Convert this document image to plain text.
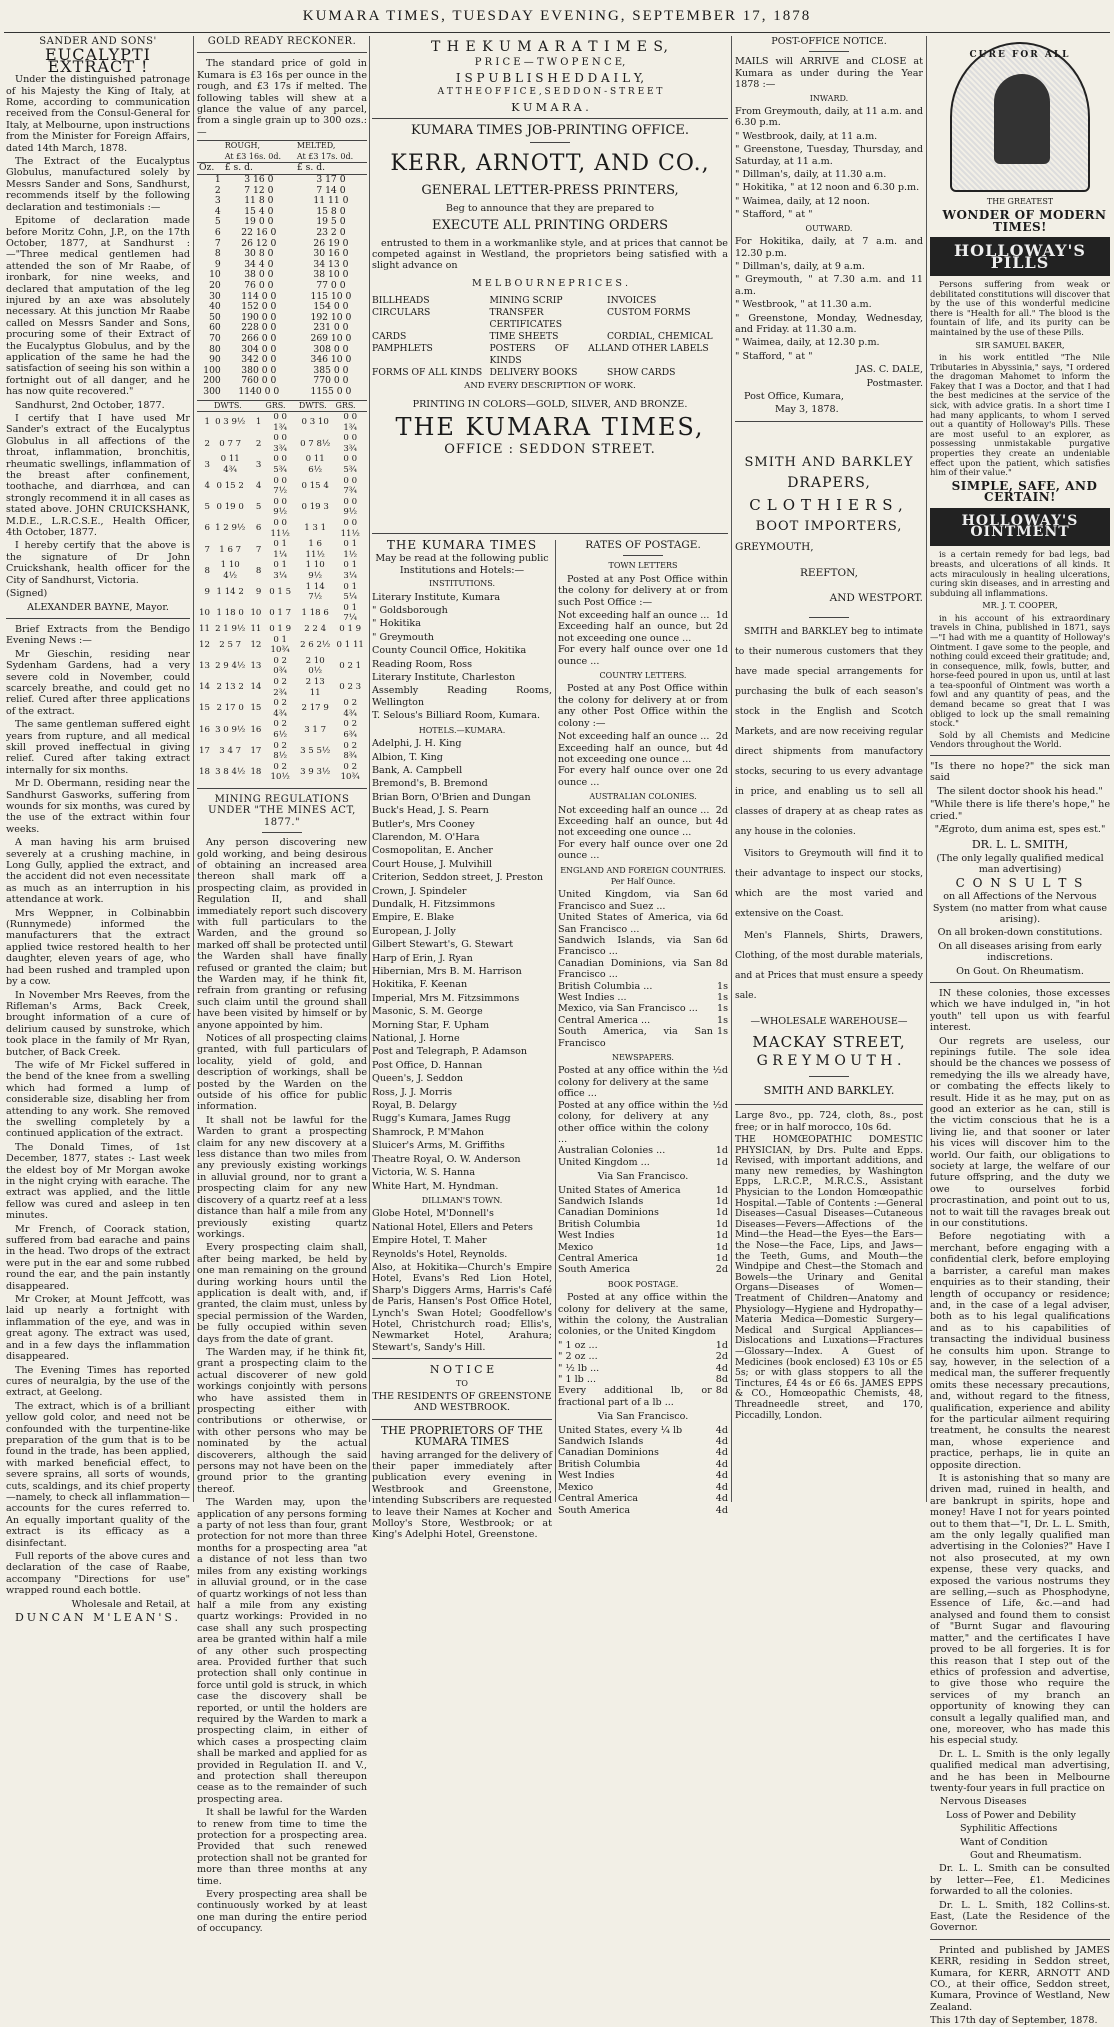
KUMARA TIMES, TUESDAY EVENING, SEPTEMBER 17, 1878

SANDER AND SONS'

EUCALYPTI EXTRACT !

Under the distinguished patronage of his Majesty the King of Italy, at Rome, according to communication received from the Consul-General for Italy, at Melbourne, upon instructions from the Minister for Foreign Affairs, dated 14th March, 1878.

The Extract of the Eucalyptus Globulus, manufactured solely by Messrs Sander and Sons, Sandhurst, recommends itself by the following declaration and testimonials :—

Epitome of declaration made before Moritz Cohn, J.P., on the 17th October, 1877, at Sandhurst :—"Three medical gentlemen had attended the son of Mr Raabe, of ironbark, for nine weeks, and declared that amputation of the leg injured by an axe was absolutely necessary. At this junction Mr Raabe called on Messrs Sander and Sons, procuring some of their Extract of the Eucalyptus Globulus, and by the application of the same he had the satisfaction of seeing his son within a fortnight out of all danger, and he has now quite recovered."

Sandhurst, 2nd October, 1877.

I certify that I have used Mr Sander's extract of the Eucalyptus Globulus in all affections of the throat, inflammation, bronchitis, rheumatic swellings, inflammation of the breast after confinement, toothache, and diarrhœa, and can strongly recommend it in all cases as stated above. JOHN CRUICKSHANK, M.D.E., L.R.C.S.E., Health Officer, 4th October, 1877.

I hereby certify that the above is the signature of Dr John Cruickshank, health officer for the City of Sandhurst, Victoria.

(Signed)

ALEXANDER BAYNE, Mayor.

Brief Extracts from the Bendigo Evening News :—

Mr Gieschin, residing near Sydenham Gardens, had a very severe cold in November, could scarcely breathe, and could get no relief. Cured after three applications of the extract.

The same gentleman suffered eight years from rupture, and all medical skill proved ineffectual in giving relief. Cured after taking extract internally for six months.

Mr D. Obermann, residing near the Sandhurst Gasworks, suffering from wounds for six months, was cured by the use of the extract within four weeks.

A man having his arm bruised severely at a crushing machine, in Long Gully, applied the extract, and the accident did not even necessitate as much as an interruption in his attendance at work.

Mrs Weppner, in Colbinabbin (Runnymede) informed the manufacturers that the extract applied twice restored health to her daughter, eleven years of age, who had been rushed and trampled upon by a cow.

In November Mrs Reeves, from the Rifleman's Arms, Back Creek, brought information of a cure of delirium caused by sunstroke, which took place in the family of Mr Ryan, butcher, of Back Creek.

The wife of Mr Fickel suffered in the bend of the knee from a swelling which had formed a lump of considerable size, disabling her from attending to any work. She removed the swelling completely by a continued application of the extract.

The Donald Times, of 1st December, 1877, states :- Last week the eldest boy of Mr Morgan awoke in the night crying with earache. The extract was applied, and the little fellow was cured and asleep in ten minutes.

Mr French, of Coorack station, suffered from bad earache and pains in the head. Two drops of the extract were put in the ear and some rubbed round the ear, and the pain instantly disappeared.

Mr Croker, at Mount Jeffcott, was laid up nearly a fortnight with inflammation of the eye, and was in great agony. The extract was used, and in a few days the inflammation disappeared.

The Evening Times has reported cures of neuralgia, by the use of the extract, at Geelong.

The extract, which is of a brilliant yellow gold color, and need not be confounded with the turpentine-like preparation of the gum that is to be found in the trade, has been applied, with marked beneficial effect, to severe sprains, all sorts of wounds, cuts, scaldings, and its chief property—namely, to check all inflammation—accounts for the cures referred to. An equally important quality of the extract is its efficacy as a disinfectant.

Full reports of the above cures and declaration of the case of Raabe, accompany "Directions for use" wrapped round each bottle.

Wholesale and Retail, at

DUNCAN M'LEAN'S.

GOLD READY RECKONER.

The standard price of gold in Kumara is £3 16s per ounce in the rough, and £3 17s if melted. The following tables will shew at a glance the value of any parcel, from a single grain up to 300 ozs.:—

	ROUGH,
At £3 16s. 0d.	MELTED,
At £3 17s. 0d.
Oz.	£ s. d.	£ s. d.
1	3 16 0	3 17 0
2	7 12 0	7 14 0
3	11 8 0	11 11 0
4	15 4 0	15 8 0
5	19 0 0	19 5 0
6	22 16 0	23 2 0
7	26 12 0	26 19 0
8	30 8 0	30 16 0
9	34 4 0	34 13 0
10	38 0 0	38 10 0
20	76 0 0	77 0 0
30	114 0 0	115 10 0
40	152 0 0	154 0 0
50	190 0 0	192 10 0
60	228 0 0	231 0 0
70	266 0 0	269 10 0
80	304 0 0	308 0 0
90	342 0 0	346 10 0
100	380 0 0	385 0 0
200	760 0 0	770 0 0
300	1140 0 0	1155 0 0
	DWTS.		GRS.	DWTS.	GRS.
1	0 3 9½	1	0 0 1¾	0 3 10	0 0 1¾
2	0 7 7	2	0 0 3¾	0 7 8½	0 0 3¾
3	0 11 4¾	3	0 0 5¾	0 11 6½	0 0 5¾
4	0 15 2	4	0 0 7½	0 15 4	0 0 7¾
5	0 19 0	5	0 0 9½	0 19 3	0 0 9½
6	1 2 9½	6	0 0 11½	1 3 1	0 0 11½
7	1 6 7	7	0 1 1¼	1 6 11½	0 1 1½
8	1 10 4½	8	0 1 3¼	1 10 9½	0 1 3¼
9	1 14 2	9	0 1 5	1 14 7½	0 1 5¼
10	1 18 0	10	0 1 7	1 18 6	0 1 7¼
11	2 1 9½	11	0 1 9	2 2 4	0 1 9
12	2 5 7	12	0 1 10¾	2 6 2½	0 1 11
13	2 9 4½	13	0 2 0¾	2 10 0½	0 2 1
14	2 13 2	14	0 2 2¾	2 13 11	0 2 3
15	2 17 0	15	0 2 4¾	2 17 9	0 2 4¾
16	3 0 9½	16	0 2 6½	3 1 7	0 2 6¾
17	3 4 7	17	0 2 8½	3 5 5½	0 2 8¾
18	3 8 4½	18	0 2 10½	3 9 3½	0 2 10¾

MINING REGULATIONS UNDER "THE MINES ACT, 1877."

Any person discovering new gold working, and being desirous of obtaining an increased area thereon shall mark off a prospecting claim, as provided in Regulation II, and shall immediately report such discovery with full particulars to the Warden, and the ground so marked off shall be protected until the Warden shall have finally refused or granted the claim; but the Warden may, if he think fit, refrain from granting or refusing such claim until the ground shall have been visited by himself or by anyone appointed by him.

Notices of all prospecting claims granted, with full particulars of locality, yield of gold, and description of workings, shall be posted by the Warden on the outside of his office for public information.

It shall not be lawful for the Warden to grant a prospecting claim for any new discovery at a less distance than two miles from any previously existing workings in alluvial ground, nor to grant a prospecting claim for any new discovery of a quartz reef at a less distance than half a mile from any previously existing quartz workings.

Every prospecting claim shall, after being marked, be held by one man remaining on the ground during working hours until the application is dealt with, and, if granted, the claim must, unless by special permission of the Warden, be fully occupied within seven days from the date of grant.

The Warden may, if he think fit, grant a prospecting claim to the actual discoverer of new gold workings conjointly with persons who have assisted them in prospecting either with contributions or otherwise, or with other persons who may be nominated by the actual discoverers, although the said persons may not have been on the ground prior to the granting thereof.

The Warden may, upon the application of any persons forming a party of not less than four, grant protection for not more than three months for a prospecting area "at a distance of not less than two miles from any existing workings in alluvial ground, or in the case of quartz workings of not less than half a mile from any existing quartz workings: Provided in no case shall any such prospecting area be granted within half a mile of any other such prospecting area. Provided further that such protection shall only continue in force until gold is struck, in which case the discovery shall be reported, or until the holders are required by the Warden to mark a prospecting claim, in either of which cases a prospecting claim shall be marked and applied for as provided in Regulation II. and V., and protection shall thereupon cease as to the remainder of such prospecting area.

It shall be lawful for the Warden to renew from time to time the protection for a prospecting area. Provided that such renewed protection shall not be granted for more than three months at any time.

Every prospecting area shall be continuously worked by at least one man during the entire period of occupancy.

T H E K U M A R A T I M E S,

P R I C E — T W O P E N C E,

I S P U B L I S H E D D A I L Y,

A T T H E O F F I C E , S E D D O N - S T R E E T

K U M A R A .

KUMARA TIMES JOB-PRINTING OFFICE.

KERR, ARNOTT, AND CO.,

GENERAL LETTER-PRESS PRINTERS,

Beg to announce that they are prepared to

EXECUTE ALL PRINTING ORDERS

entrusted to them in a workmanlike style, and at prices that cannot be competed against in Westland, the proprietors being satisfied with a slight advance on

M E L B O U R N E P R I C E S .

BILLHEADS	MINING SCRIP	INVOICES
CIRCULARS	TRANSFER CERTIFICATES
CUSTOM FORMS
CARDS	TIME SHEETS	CORDIAL, CHEMICAL
PAMPHLETS	POSTERS OF ALL KINDS
AND OTHER LABELS
FORMS OF ALL KINDS DELIVERY BOOKS	SHOW CARDS

AND EVERY DESCRIPTION OF WORK.

PRINTING IN COLORS—GOLD, SILVER, AND BRONZE.

THE KUMARA TIMES,

OFFICE : SEDDON STREET.

THE KUMARA TIMES

May be read at the following public Institutions and Hotels:—

INSTITUTIONS.

Literary Institute, Kumara

" Goldsborough

" Hokitika

" Greymouth

County Council Office, Hokitika

Reading Room, Ross

Literary Institute, Charleston

Assembly Reading Rooms, Wellington

T. Selous's Billiard Room, Kumara.

HOTELS.—KUMARA.

Adelphi, J. H. King

Albion, T. King

Bank, A. Campbell

Bremond's, B. Bremond

Brian Born, O'Brien and Dungan

Buck's Head, J. S. Pearn

Butler's, Mrs Cooney

Clarendon, M. O'Hara

Cosmopolitan, E. Ancher

Court House, J. Mulvihill

Criterion, Seddon street, J. Preston

Crown, J. Spindeler

Dundalk, H. Fitzsimmons

Empire, E. Blake

European, J. Jolly

Gilbert Stewart's, G. Stewart

Harp of Erin, J. Ryan

Hibernian, Mrs B. M. Harrison

Hokitika, F. Keenan

Imperial, Mrs M. Fitzsimmons

Masonic, S. M. George

Morning Star, F. Upham

National, J. Horne

Post and Telegraph, P. Adamson

Post Office, D. Hannan

Queen's, J. Seddon

Ross, J. J. Morris

Royal, B. Delargy

Rugg's Kumara, James Rugg

Shamrock, P. M'Mahon

Sluicer's Arms, M. Griffiths

Theatre Royal, O. W. Anderson

Victoria, W. S. Hanna

White Hart, M. Hyndman.

DILLMAN'S TOWN.

Globe Hotel, M'Donnell's

National Hotel, Ellers and Peters

Empire Hotel, T. Maher

Reynolds's Hotel, Reynolds.

Also, at Hokitika—Church's Empire Hotel, Evans's Red Lion Hotel, Sharp's Diggers Arms, Harris's Café de Paris, Hansen's Post Office Hotel, Lynch's Swan Hotel; Goodfellow's Hotel, Christchurch road; Ellis's, Newmarket Hotel, Arahura; Stewart's, Sandy's Hill.

N O T I C E

TO

THE RESIDENTS OF GREENSTONE AND WESTBROOK.

THE PROPRIETORS OF THE KUMARA TIMES

having arranged for the delivery of their paper immediately after publication every evening in Westbrook and Greenstone, intending Subscribers are requested to leave their Names at Kocher and Molloy's Store, Westbrook; or at King's Adelphi Hotel, Greenstone.

RATES OF POSTAGE.

TOWN LETTERS

Posted at any Post Office within the colony for delivery at or from such Post Office :—

Not exceeding half an ounce ... 1d
Exceeding half an ounce, but not exceeding one ounce ...
2d
For every half ounce over one ounce ...
1d

COUNTRY LETTERS.

Posted at any Post Office within the colony for delivery at or from any other Post Office within the colony :—

Not exceeding half an ounce ... 2d
Exceeding half an ounce, but not exceeding one ounce ...
4d
For every half ounce over one ounce ...
2d

AUSTRALIAN COLONIES.

Not exceeding half an ounce ... 2d
Exceeding half an ounce, but not exceeding one ounce ...
4d
For every half ounce over one ounce ...
2d

ENGLAND AND FOREIGN COUNTRIES. Per Half Ounce.

United Kingdom, via San Francisco and Suez ...
6d
United States of America, via San Francisco ...
6d
Sandwich Islands, via San Francisco ...
6d
Canadian Dominions, via San Francisco ...
8d
British Columbia ...	1s
West Indies ...	1s
Mexico, via San Francisco ...	1s
Central America ...	1s
South America, via San Francisco
1s

NEWSPAPERS.

Posted at any office within the colony for delivery at the same office ...
½d
Posted at any office within the colony, for delivery at any other office within the colony ...
½d
Australian Colonies ...	1d
United Kingdom ...	1d

Via San Francisco.

United States of America	1d
Sandwich Islands	1d
Canadian Dominions	1d
British Columbia	1d
West Indies	1d
Mexico	1d
Central America	1d
South America	2d

BOOK POSTAGE.

Posted at any office within the colony for delivery at the same, within the colony, the Australian colonies, or the United Kingdom

" 1 oz ...	1d
" 2 oz ...	2d
" ½ lb ...	4d
" 1 lb ...	8d
Every additional lb, or fractional part of a lb ...
8d

Via San Francisco.

United States, every ¼ lb	4d
Sandwich Islands	4d
Canadian Dominions	4d
British Columbia	4d
West Indies	4d
Mexico	4d
Central America	4d
South America	4d

POST-OFFICE NOTICE.

MAILS will ARRIVE and CLOSE at Kumara as under during the Year 1878 :—

INWARD.

From Greymouth, daily, at 11 a.m. and 6.30 p.m.

" Westbrook, daily, at 11 a.m.

" Greenstone, Tuesday, Thursday, and Saturday, at 11 a.m.

" Dillman's, daily, at 11.30 a.m.

" Hokitika, " at 12 noon and 6.30 p.m.

" Waimea, daily, at 12 noon.

" Stafford, " at "

OUTWARD.

For Hokitika, daily, at 7 a.m. and 12.30 p.m.

" Dillman's, daily, at 9 a.m.

" Greymouth, " at 7.30 a.m. and 11 a.m.

" Westbrook, " at 11.30 a.m.

" Greenstone, Monday, Wednesday, and Friday. at 11.30 a.m.

" Waimea, daily, at 12.30 p.m.

" Stafford, " at "

JAS. C. DALE,

Postmaster.

Post Office, Kumara,

May 3, 1878.

SMITH AND BARKLEY

DRAPERS,

CLOTHIERS,

BOOT IMPORTERS,

GREYMOUTH,

REEFTON,

AND WESTPORT.

SMITH and BARKLEY beg to intimate to their numerous customers that they have made special arrangements for purchasing the bulk of each season's stock in the English and Scotch Markets, and are now receiving regular direct shipments from manufactory stocks, securing to us every advantage in price, and enabling us to sell all classes of drapery at as cheap rates as any house in the colonies.

Visitors to Greymouth will find it to their advantage to inspect our stocks, which are the most varied and extensive on the Coast.

Men's Flannels, Shirts, Drawers, Clothing, of the most durable materials, and at Prices that must ensure a speedy sale.

—WHOLESALE WAREHOUSE—

MACKAY STREET,

G R E Y M O U T H .

SMITH AND BARKLEY.

Large 8vo., pp. 724, cloth, 8s., post free; or in half morocco, 10s 6d.

THE HOMŒOPATHIC DOMESTIC PHYSICIAN, by Drs. Pulte and Epps. Revised, with important additions, and many new remedies, by Washington Epps, L.R.C.P., M.R.C.S., Assistant Physician to the London Homœopathic Hospital.—Table of Contents :—General Diseases—Casual Diseases—Cutaneous Diseases—Fevers—Affections of the Mind—the Head—the Eyes—the Ears—the Nose—the Face, Lips, and Jaws—the Teeth, Gums, and Mouth—the Windpipe and Chest—the Stomach and Bowels—the Urinary and Genital Organs—Diseases of Women—Treatment of Children—Anatomy and Physiology—Hygiene and Hydropathy—Materia Medica—Domestic Surgery—Medical and Surgical Appliances—Dislocations and Luxations—Fractures—Glossary—Index. A Guest of Medicines (book enclosed) £3 10s or £5 5s; or with glass stoppers to all the Tinctures, £4 4s or £6 6s. JAMES EPPS & CO., Homœopathic Chemists, 48, Threadneedle street, and 170, Piccadilly, London.

CURE FOR ALL

THE GREATEST

WONDER OF MODERN TIMES!

HOLLOWAY'S PILLS

Persons suffering from weak or debilitated constitutions will discover that by the use of this wonderful medicine there is "Health for all." The blood is the fountain of life, and its purity can be maintained by the use of these Pills.

SIR SAMUEL BAKER,

in his work entitled "The Nile Tributaries in Abyssinia," says, "I ordered the dragoman Mahomet to inform the Fakey that I was a Doctor, and that I had the best medicines at the service of the sick, with advice gratis. In a short time I had many applicants, to whom I served out a quantity of Holloway's Pills. These are most useful to an explorer, as possessing unmistakable purgative properties they create an undeniable effect upon the patient, which satisfies him of their value."

SIMPLE, SAFE, AND CERTAIN!

HOLLOWAY'S OINTMENT

is a certain remedy for bad legs, bad breasts, and ulcerations of all kinds. It acts miraculously in healing ulcerations, curing skin diseases, and in arresting and subduing all inflammations.

MR. J. T. COOPER,

in his account of his extraordinary travels in China, published in 1871, says—"I had with me a quantity of Holloway's Ointment. I gave some to the people, and nothing could exceed their gratitude; and, in consequence, milk, fowls, butter, and horse-feed poured in upon us, until at last a tea-spoonful of Ointment was worth a fowl and any quantity of peas, and the demand became so great that I was obliged to lock up the small remaining stock."

Sold by all Chemists and Medicine Vendors throughout the World.

"Is there no hope?" the sick man said

The silent doctor shook his head."

"While there is life there's hope," he cried."

"Ægroto, dum anima est, spes est."

DR. L. L. SMITH,

(The only legally qualified medical man advertising)

C O N S U L T S

on all Affections of the Nervous System (no matter from what cause arising).

On all broken-down constitutions.

On all diseases arising from early indiscretions.

On Gout. On Rheumatism.

IN these colonies, those excesses which we have indulged in, "in hot youth" tell upon us with fearful interest.

Our regrets are useless, our repinings futile. The sole idea should be the chances we possess of remedying the ills we already have, or combating the effects likely to result. Hide it as he may, put on as good an exterior as he can, still is the victim conscious that he is a living lie, and that sooner or later his vices will discover him to the world. Our faith, our obligations to society at large, the welfare of our future offspring, and the duty we owe to ourselves forbid procrastination, and point out to us, not to wait till the ravages break out in our constitutions.

Before negotiating with a merchant, before engaging with a confidential clerk, before employing a barrister, a careful man makes enquiries as to their standing, their length of occupancy or residence; and, in the case of a legal adviser, both as to his legal qualifications and as to his capabilities of transacting the individual business he consults him upon. Strange to say, however, in the selection of a medical man, the sufferer frequently omits these necessary precautions, and, without regard to the fitness, qualification, experience and ability for the particular ailment requiring treatment, he consults the nearest man, whose experience and practice, perhaps, lie in quite an opposite direction.

It is astonishing that so many are driven mad, ruined in health, and are bankrupt in spirits, hope and money! Have I not for years pointed out to them that—"I, Dr. L. L. Smith, am the only legally qualified man advertising in the Colonies?" Have I not also prosecuted, at my own expense, these very quacks, and exposed the various nostrums they are selling,—such as Phosphodyne, Essence of Life, &c.—and had analysed and found them to consist of "Burnt Sugar and flavouring matter," and the certificates I have proved to be all forgeries. It is for this reason that I step out of the ethics of profession and advertise, to give those who require the services of my branch an opportunity of knowing they can consult a legally qualified man, and one, moreover, who has made this his especial study.

Dr. L. L. Smith is the only legally qualified medical man advertising, and he has been in Melbourne twenty-four years in full practice on

Nervous Diseases

Loss of Power and Debility

Syphilitic Affections

Want of Condition

Gout and Rheumatism.

Dr. L. L. Smith can be consulted by letter—Fee, £1. Medicines forwarded to all the colonies.

Dr. L. L. Smith, 182 Collins-st. East, (Late the Residence of the Governor.

Printed and published by JAMES KERR, residing in Seddon street, Kumara, for KERR, ARNOTT AND CO., at their office, Seddon street, Kumara, Province of Westland, New Zealand.

This 17th day of September, 1878.
